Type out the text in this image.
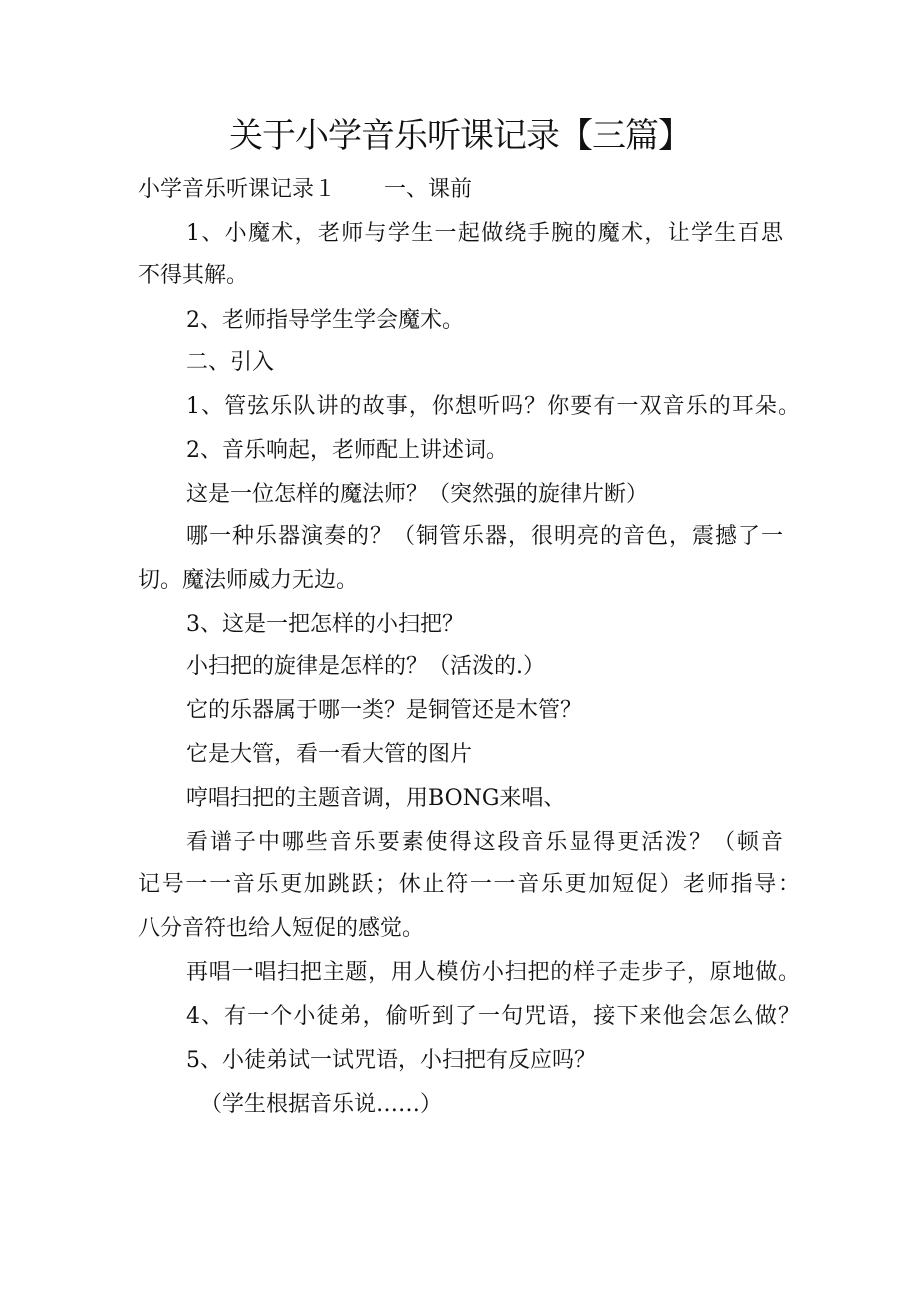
关于小学音乐听课记录【三篇】
小学音乐听课记录１ 一、课前
1、小魔术，老师与学生一起做绕手腕的魔术，让学生百思
不得其解。
2、老师指导学生学会魔术。
二、引入
1、管弦乐队讲的故事，你想听吗？你要有一双音乐的耳朵。
2、音乐响起，老师配上讲述词。
这是一位怎样的魔法师？（突然强的旋律片断）
哪一种乐器演奏的？（铜管乐器，很明亮的音色，震撼了一
切。魔法师威力无边。
3、这是一把怎样的小扫把？
小扫把的旋律是怎样的？（活泼的.）
它的乐器属于哪一类？是铜管还是木管？
它是大管，看一看大管的图片
哼唱扫把的主题音调，用BONG来唱、
看谱子中哪些音乐要素使得这段音乐显得更活泼？（顿音
记号一一音乐更加跳跃；休止符一一音乐更加短促）老师指导：
八分音符也给人短促的感觉。
再唱一唱扫把主题，用人模仿小扫把的样子走步子，原地做。
4、有一个小徒弟，偷听到了一句咒语，接下来他会怎么做？
5、小徒弟试一试咒语，小扫把有反应吗？
（学生根据音乐说……）
